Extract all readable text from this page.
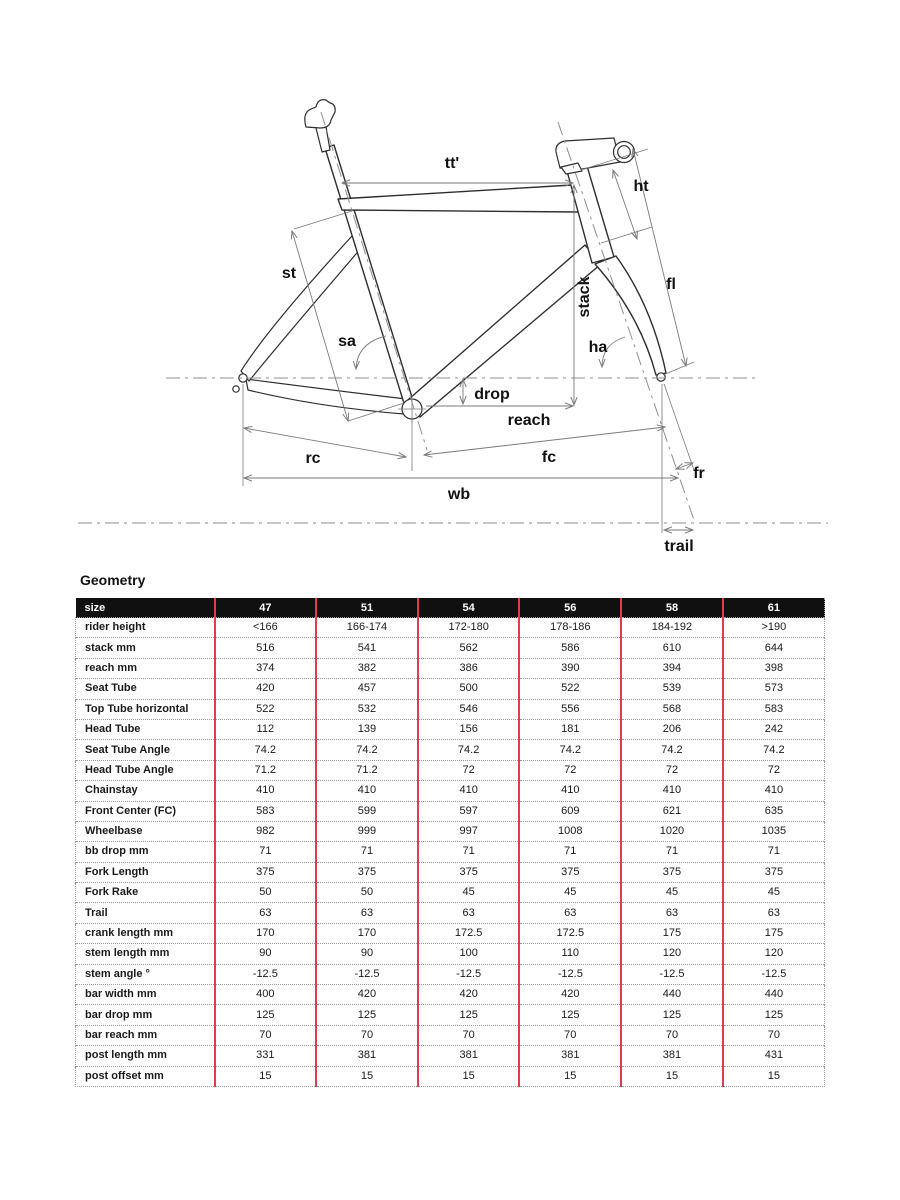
tt'
ht
st
fl
stack
sa	ha
drop
reach
rc	fc
wb
fr
trail
Geometry
size	47	51	54	56	58	61
rider height	<166	166-174	172-180	178-186	184-192	>190
stack mm	516	541	562	586	610	644
reach mm	374	382	386	390	394	398
Seat Tube	420	457	500	522	539	573
Top Tube horizontal	522	532	546	556	568	583
Head Tube	112	139	156	181	206	242
Seat Tube Angle	74.2	74.2	74.2	74.2	74.2	74.2
Head Tube Angle	71.2	71.2	72	72	72	72
Chainstay	410	410	410	410	410	410
Front Center (FC)	583	599	597	609	621	635
Wheelbase	982	999	997	1008	1020	1035
bb drop mm	71	71	71	71	71	71
Fork Length	375	375	375	375	375	375
Fork Rake	50	50	45	45	45	45
Trail	63	63	63	63	63	63
crank length mm	170	170	172.5	172.5	175	175
stem length mm	90	90	100	110	120	120
stem angle °	-12.5	-12.5	-12.5	-12.5	-12.5	-12.5
bar width mm	400	420	420	420	440	440
bar drop mm	125	125	125	125	125	125
bar reach mm	70	70	70	70	70	70
post length mm	331	381	381	381	381	431
post offset mm	15	15	15	15	15	15
